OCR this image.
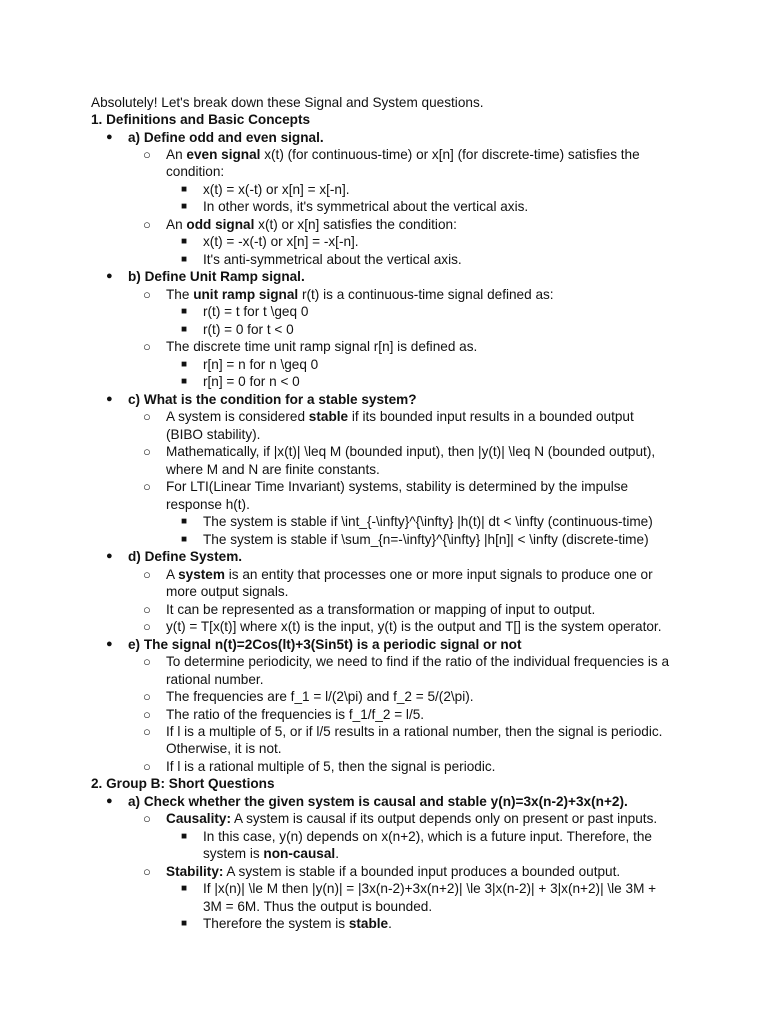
Absolutely! Let's break down these Signal and System questions.
1. Definitions and Basic Concepts
● a) Define odd and even signal.
○ An even signal x(t) (for continuous-time) or x[n] (for discrete-time) satisfies the
condition:
■ x(t) = x(-t) or x[n] = x[-n].
■ In other words, it's symmetrical about the vertical axis.
○ An odd signal x(t) or x[n] satisfies the condition:
■ x(t) = -x(-t) or x[n] = -x[-n].
■ It's anti-symmetrical about the vertical axis.
● b) Define Unit Ramp signal.
○ The unit ramp signal r(t) is a continuous-time signal defined as:
■ r(t) = t for t \geq 0
■ r(t) = 0 for t < 0
○ The discrete time unit ramp signal r[n] is defined as.
■ r[n] = n for n \geq 0
■ r[n] = 0 for n < 0
● c) What is the condition for a stable system?
○ A system is considered stable if its bounded input results in a bounded output
(BIBO stability).
○ Mathematically, if |x(t)| \leq M (bounded input), then |y(t)| \leq N (bounded output),
where M and N are finite constants.
○ For LTI(Linear Time Invariant) systems, stability is determined by the impulse
response h(t).
■ The system is stable if \int_{-\infty}^{\infty} |h(t)| dt < \infty (continuous-time)
■ The system is stable if \sum_{n=-\infty}^{\infty} |h[n]| < \infty (discrete-time)
● d) Define System.
○ A system is an entity that processes one or more input signals to produce one or
more output signals.
○ It can be represented as a transformation or mapping of input to output.
○ y(t) = T[x(t)] where x(t) is the input, y(t) is the output and T[] is the system operator.
● e) The signal n(t)=2Cos(lt)+3(Sin5t) is a periodic signal or not
○ To determine periodicity, we need to find if the ratio of the individual frequencies is a
rational number.
○ The frequencies are f_1 = l/(2\pi) and f_2 = 5/(2\pi).
○ The ratio of the frequencies is f_1/f_2 = l/5.
○ If l is a multiple of 5, or if l/5 results in a rational number, then the signal is periodic.
Otherwise, it is not.
○ If l is a rational multiple of 5, then the signal is periodic.
2. Group B: Short Questions
● a) Check whether the given system is causal and stable y(n)=3x(n-2)+3x(n+2).
○ Causality: A system is causal if its output depends only on present or past inputs.
■ In this case, y(n) depends on x(n+2), which is a future input. Therefore, the
system is non-causal.
○ Stability: A system is stable if a bounded input produces a bounded output.
■ If |x(n)| \le M then |y(n)| = |3x(n-2)+3x(n+2)| \le 3|x(n-2)| + 3|x(n+2)| \le 3M +
3M = 6M. Thus the output is bounded.
■ Therefore the system is stable.
